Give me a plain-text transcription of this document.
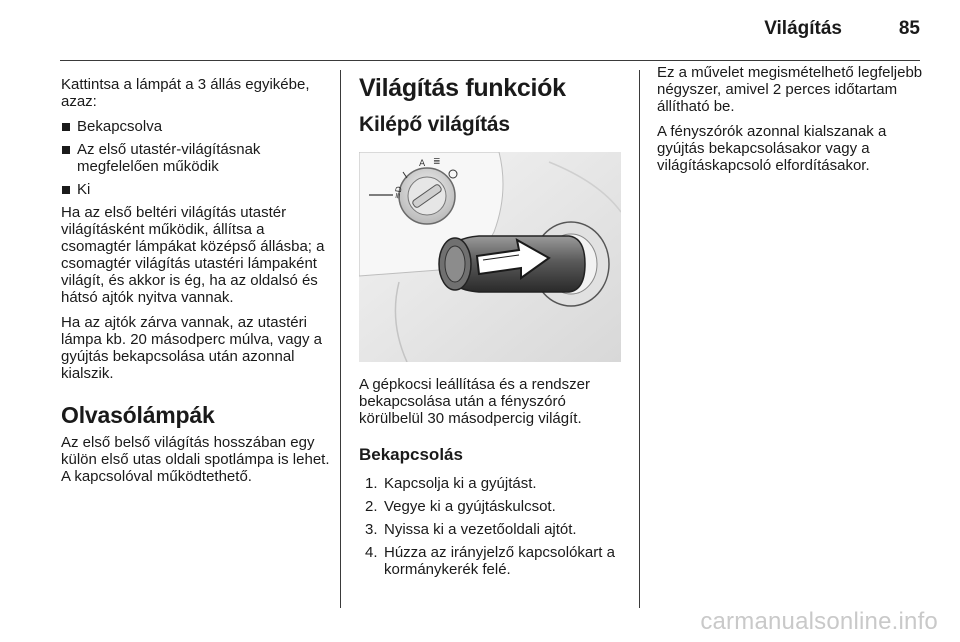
Világítás	85

Kattintsa a lámpát a 3 állás egyikébe, azaz:

Bekapcsolva
Az első utastér-világításnak megfelelően működik
Ki

Ha az első beltéri világítás utastér világításként működik, állítsa a csomagtér lámpákat középső állásba; a csomagtér világítás utastéri lámpaként világít, és akkor is ég, ha az oldalsó és hátsó ajtók nyitva vannak.

Ha az ajtók zárva vannak, az utastéri lámpa kb. 20 másodperc múlva, vagy a gyújtás bekapcsolása után azonnal kialszik.

Olvasólámpák

Az első belső világítás hosszában egy külön első utas oldali spotlámpa is lehet. A kapcsolóval működtethető.

Világítás funkciók
Kilépő világítás
≡D
A ≣

A gépkocsi leállítása és a rendszer bekapcsolása után a fényszóró körülbelül 30 másodpercig világít.

Bekapcsolás
1. Kapcsolja ki a gyújtást.
2. Vegye ki a gyújtáskulcsot.
3. Nyissa ki a vezetőoldali ajtót.
4. Húzza az irányjelző kapcsolókart a kormánykerék felé.

Ez a művelet megismételhető legfeljebb négyszer, amivel 2 perces időtartam állítható be.

A fényszórók azonnal kialszanak a gyújtás bekapcsolásakor vagy a világításkapcsoló elfordításakor.

carmanualsonline.info
